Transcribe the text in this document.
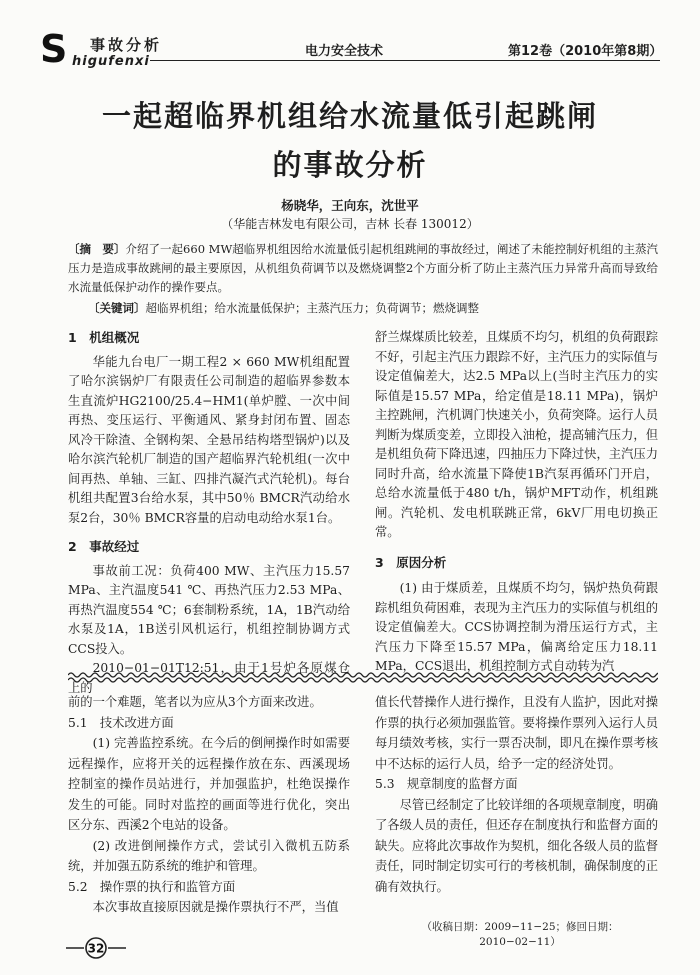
S	事故分析
higufenxi
电力安全技术	第12卷（2010年第8期）
一起超临界机组给水流量低引起跳闸
的事故分析
杨晓华，王向东，沈世平
（华能吉林发电有限公司，吉林 长春 130012）
〔摘　要〕介绍了一起660 MW超临界机组因给水流量低引起机组跳闸的事故经过，阐述了未能控制好机组的主蒸汽压力是造成事故跳闸的最主要原因，从机组负荷调节以及燃烧调整2个方面分析了防止主蒸汽压力异常升高而导致给水流量低保护动作的操作要点。
〔关键词〕超临界机组；给水流量低保护；主蒸汽压力；负荷调节；燃烧调整

1　机组概况

华能九台电厂一期工程2 × 660 MW机组配置了哈尔滨锅炉厂有限责任公司制造的超临界参数本生直流炉HG2100/25.4−HM1(单炉膛、一次中间再热、变压运行、平衡通风、紧身封闭布置、固态风冷干除渣、全钢构架、全悬吊结构塔型锅炉)以及哈尔滨汽轮机厂制造的国产超临界汽轮机组(一次中间再热、单轴、三缸、四排汽凝汽式汽轮机)。每台机组共配置3台给水泵，其中50％ BMCR汽动给水泵2台，30％ BMCR容量的启动电动给水泵1台。

2　事故经过

事故前工况：负荷400 MW、主汽压力15.57 MPa、主汽温度541 ℃、再热汽压力2.53 MPa、再热汽温度554 ℃；6套制粉系统，1A，1B汽动给水泵及1A，1B送引风机运行，机组控制协调方式CCS投入。

2010−01−01T12:51，由于1号炉各原煤仓上的

舒兰煤煤质比较差，且煤质不均匀，机组的负荷跟踪不好，引起主汽压力跟踪不好，主汽压力的实际值与设定值偏差大，达2.5 MPa以上(当时主汽压力的实际值是15.57 MPa，给定值是18.11 MPa)，锅炉主控跳闸，汽机调门快速关小，负荷突降。运行人员判断为煤质变差，立即投入油枪，提高辅汽压力，但是机组负荷下降迅速，四抽压力下降过快，主汽压力同时升高，给水流量下降使1B汽泵再循环门开启，总给水流量低于480 t/h，锅炉MFT动作，机组跳闸。汽轮机、发电机联跳正常，6kV厂用电切换正常。

3　原因分析

(1) 由于煤质差，且煤质不均匀，锅炉热负荷跟踪机组负荷困难，表现为主汽压力的实际值与机组的设定值偏差大。CCS协调控制为滑压运行方式，主汽压力下降至15.57 MPa，偏离给定压力18.11 MPa，CCS退出，机组控制方式自动转为汽

前的一个难题，笔者以为应从3个方面来改进。

5.1　技术改进方面

(1) 完善监控系统。在今后的倒闸操作时如需要远程操作，应将开关的远程操作放在东、西溪现场控制室的操作员站进行，并加强监护，杜绝误操作发生的可能。同时对监控的画面等进行优化，突出区分东、西溪2个电站的设备。

(2) 改进倒闸操作方式，尝试引入微机五防系统，并加强五防系统的维护和管理。

5.2　操作票的执行和监管方面

本次事故直接原因就是操作票执行不严，当值

值长代替操作人进行操作，且没有人监护，因此对操作票的执行必须加强监管。要将操作票列入运行人员每月绩效考核，实行一票否决制，即凡在操作票考核中不达标的运行人员，给予一定的经济处罚。

5.3　规章制度的监督方面

尽管已经制定了比较详细的各项规章制度，明确了各级人员的责任，但还存在制度执行和监督方面的缺失。应将此次事故作为契机，细化各级人员的监督责任，同时制定切实可行的考核机制，确保制度的正确有效执行。

（收稿日期：2009−11−25；修回日期：2010−02−11）
32
